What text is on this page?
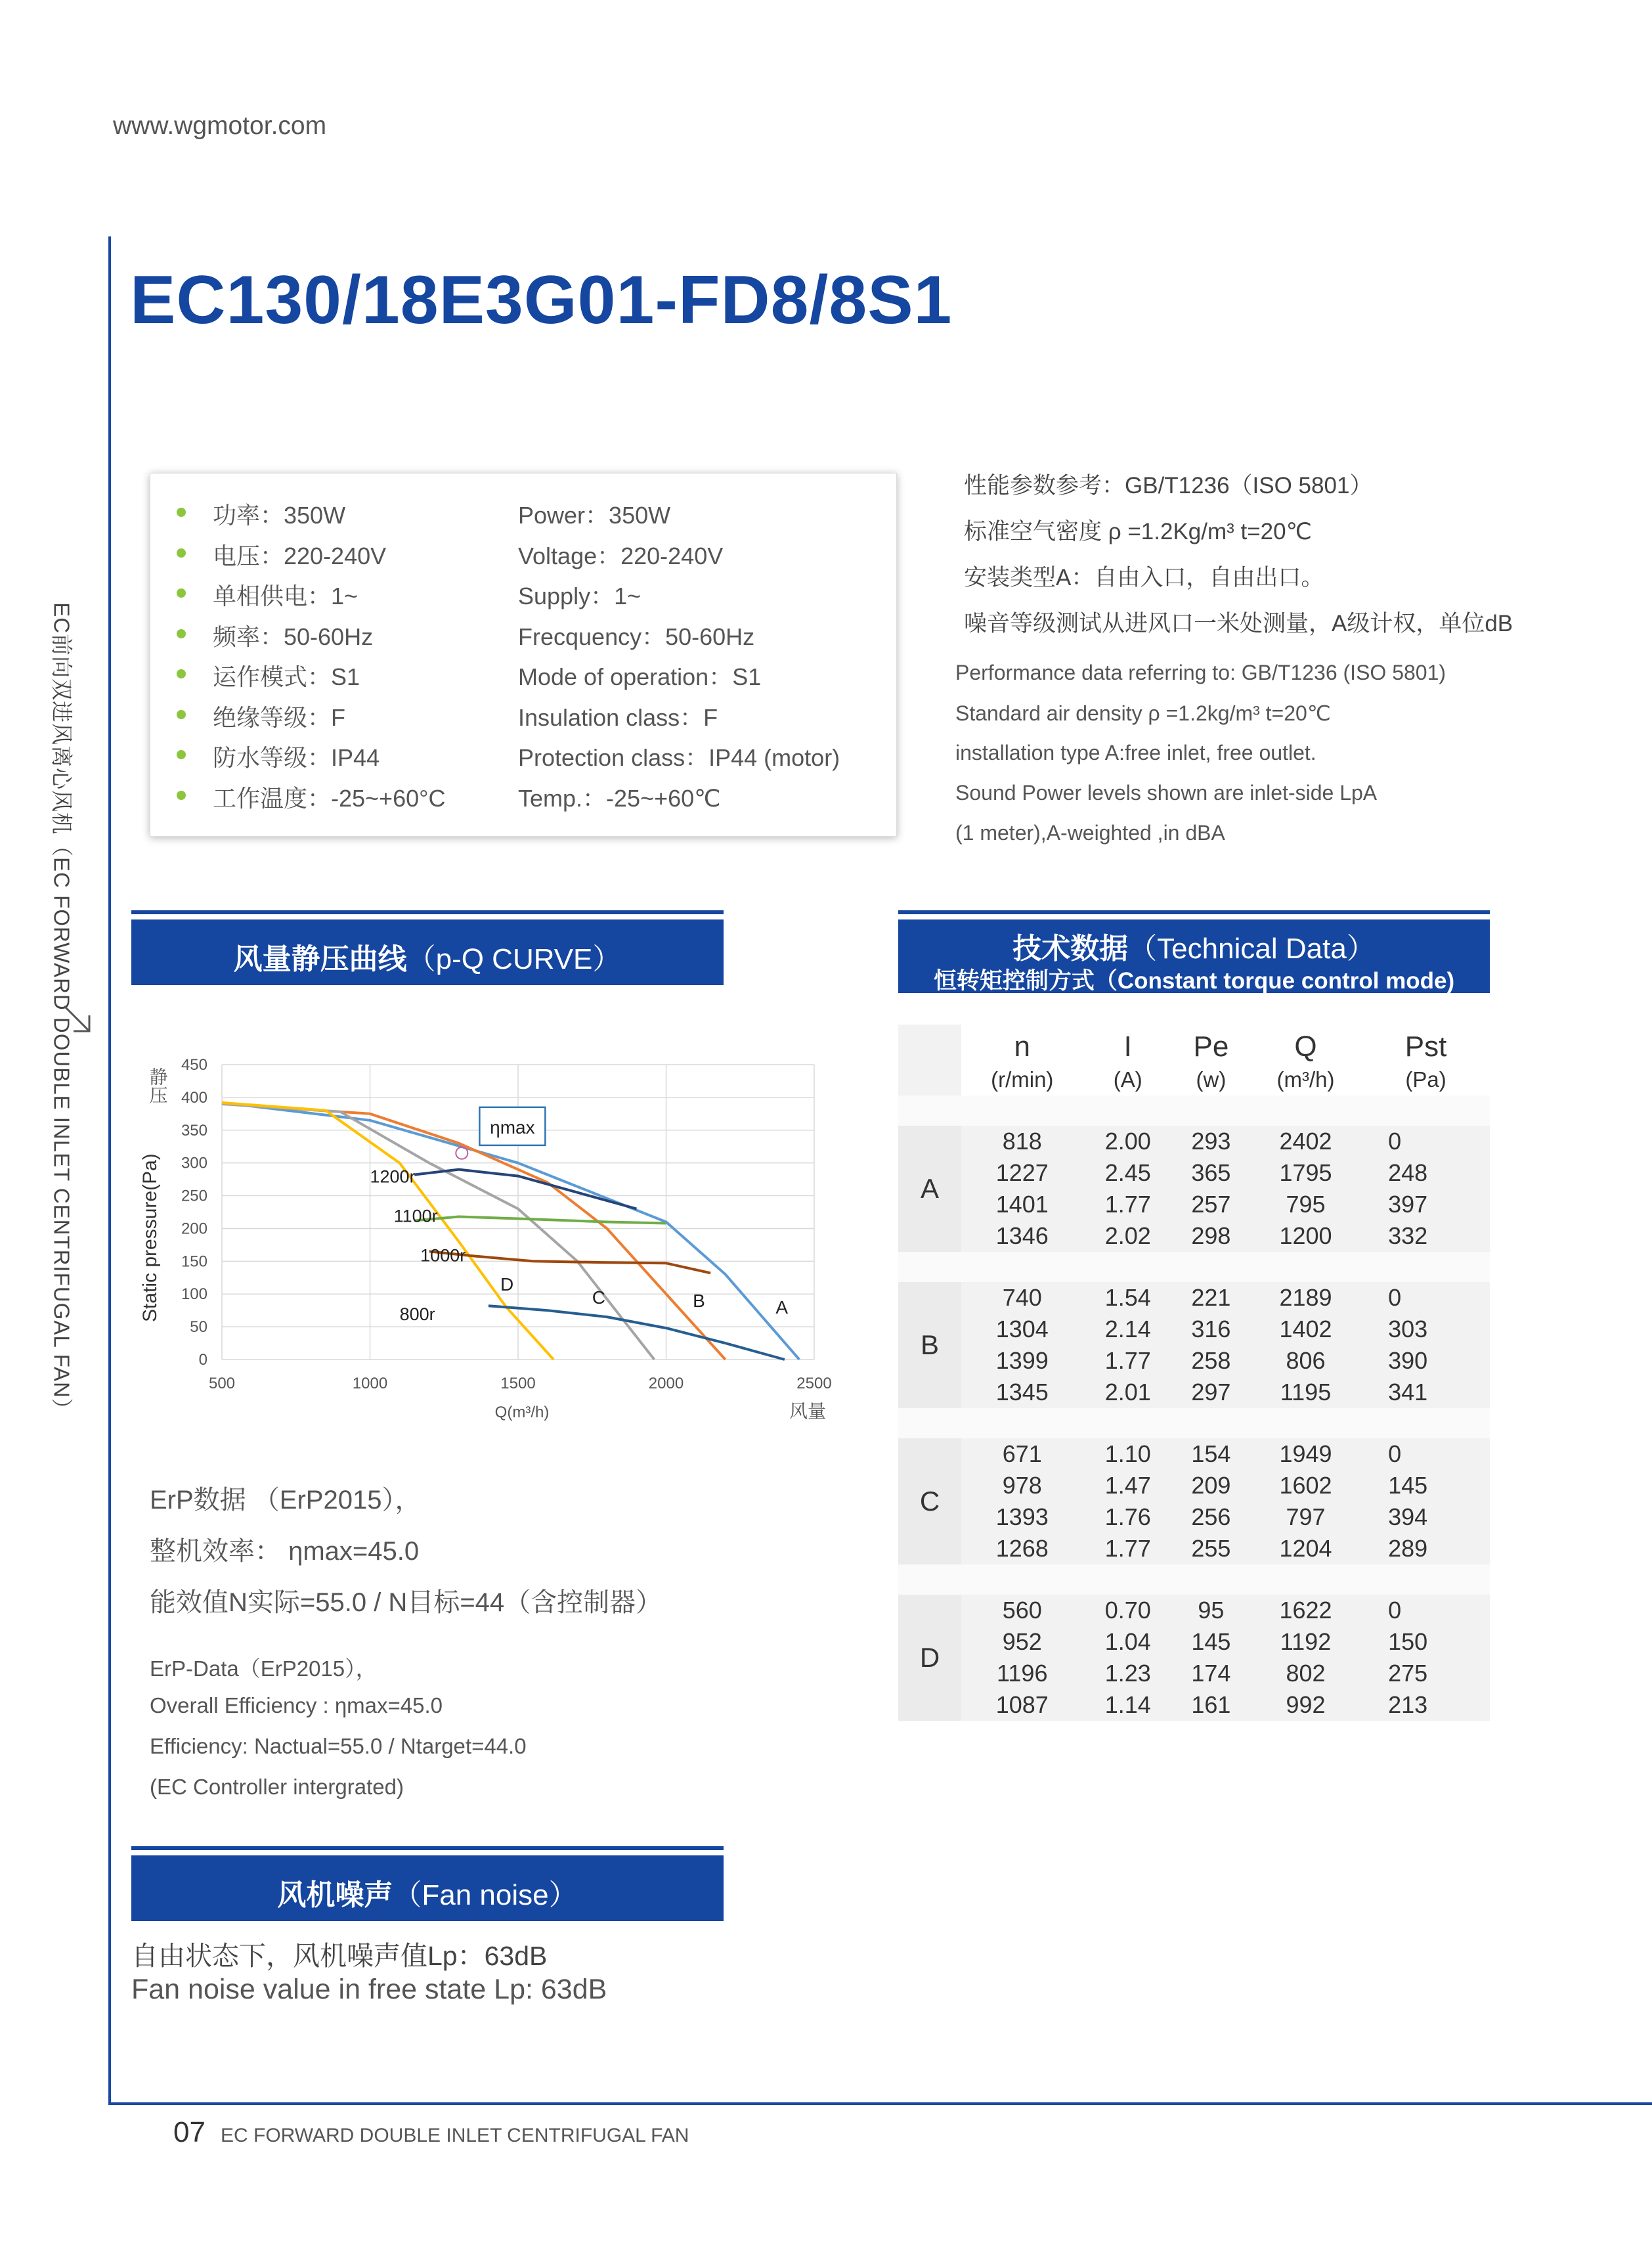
www.wgmotor.com
EC前向双进风离心风机（EC FORWARD DOUBLE INLET CENTRIFUGAL FAN）
EC130/18E3G01-FD8/8S1
功率：350W	Power：350W
电压：220-240V	Voltage：220-240V
单相供电：1~	Supply：1~
频率：50-60Hz	Frecquency：50-60Hz
运作模式：S1	Mode of operation：S1
绝缘等级：F	Insulation class：F
防水等级：IP44	Protection class：IP44 (motor)
工作温度：-25~+60°C	Temp.：-25~+60℃
性能参数参考：GB/T1236（ISO 5801）
标准空气密度 ρ =1.2Kg/m³ t=20℃
安装类型A：自由入口，自由出口。
噪音等级测试从进风口一米处测量，A级计权，单位dB
Performance data referring to: GB/T1236 (ISO 5801)
Standard air density ρ =1.2kg/m³ t=20℃
installation type A:free inlet, free outlet.
Sound Power levels shown are inlet-side LpA
(1 meter),A-weighted ,in dBA
风量静压曲线（p-Q CURVE）	技术数据（Technical Data）
恒转矩控制方式（Constant torque control mode)
风机噪声（Fan noise）
0
50
100
150
200
250
300
350
400
450
500	1000	1500	2000	2500
静压
Static pressure(Pa)
Q(m³/h)	风量
A
B
C
D
1200r
1100r
1000r
800r
ηmax
ErP数据 （ErP2015），
整机效率： ηmax=45.0
能效值N实际=55.0 / N目标=44（含控制器）
ErP-Data（ErP2015），
Overall Efficiency : ηmax=45.0
Efficiency: Nactual=55.0 / Ntarget=44.0
(EC Controller intergrated)
自由状态下，风机噪声值Lp：63dB
Fan noise value in free state Lp: 63dB
	n	I	Pe	Q	Pst
	(r/min)	(A)	(w)	(m³/h)	(Pa)

A	818	2.00	293	2402	0
	1227	2.45	365	1795	248
	1401	1.77	257	795	397
	1346	2.02	298	1200	332

B	740	1.54	221	2189	0
	1304	2.14	316	1402	303
	1399	1.77	258	806	390
	1345	2.01	297	1195	341

C	671	1.10	154	1949	0
	978	1.47	209	1602	145
	1393	1.76	256	797	394
	1268	1.77	255	1204	289

D	560	0.70	95	1622	0
	952	1.04	145	1192	150
	1196	1.23	174	802	275
	1087	1.14	161	992	213
07 EC FORWARD DOUBLE INLET CENTRIFUGAL FAN
